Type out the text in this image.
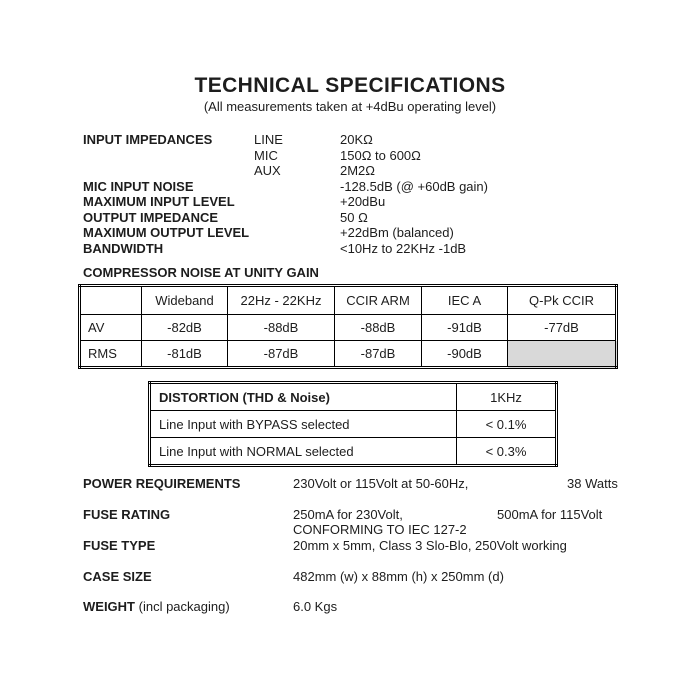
TECHNICAL SPECIFICATIONS
(All measurements taken at +4dBu operating level)
INPUT IMPEDANCES	LINE	20KΩ
MIC	150Ω to 600Ω
AUX	2M2Ω
MIC INPUT NOISE	-128.5dB (@ +60dB gain)
MAXIMUM INPUT LEVEL	+20dBu
OUTPUT IMPEDANCE	50 Ω
MAXIMUM OUTPUT LEVEL	+22dBm (balanced)
BANDWIDTH	<10Hz to 22KHz -1dB
COMPRESSOR NOISE AT UNITY GAIN
	Wideband	22Hz - 22KHz	CCIR ARM	IEC A	Q-Pk CCIR
AV	-82dB	-88dB	-88dB	-91dB	-77dB
RMS	-81dB	-87dB	-87dB	-90dB	
DISTORTION (THD & Noise)	1KHz
Line Input with BYPASS selected	< 0.1%
Line Input with NORMAL selected	< 0.3%
POWER REQUIREMENTS	230Volt or 115Volt at 50-60Hz,	38 Watts
FUSE RATING	250mA for 230Volt,	500mA for 115Volt
CONFORMING TO IEC 127-2
FUSE TYPE	20mm x 5mm, Class 3 Slo-Blo, 250Volt working
CASE SIZE	482mm (w) x 88mm (h) x 250mm (d)
WEIGHT (incl packaging)	6.0 Kgs
